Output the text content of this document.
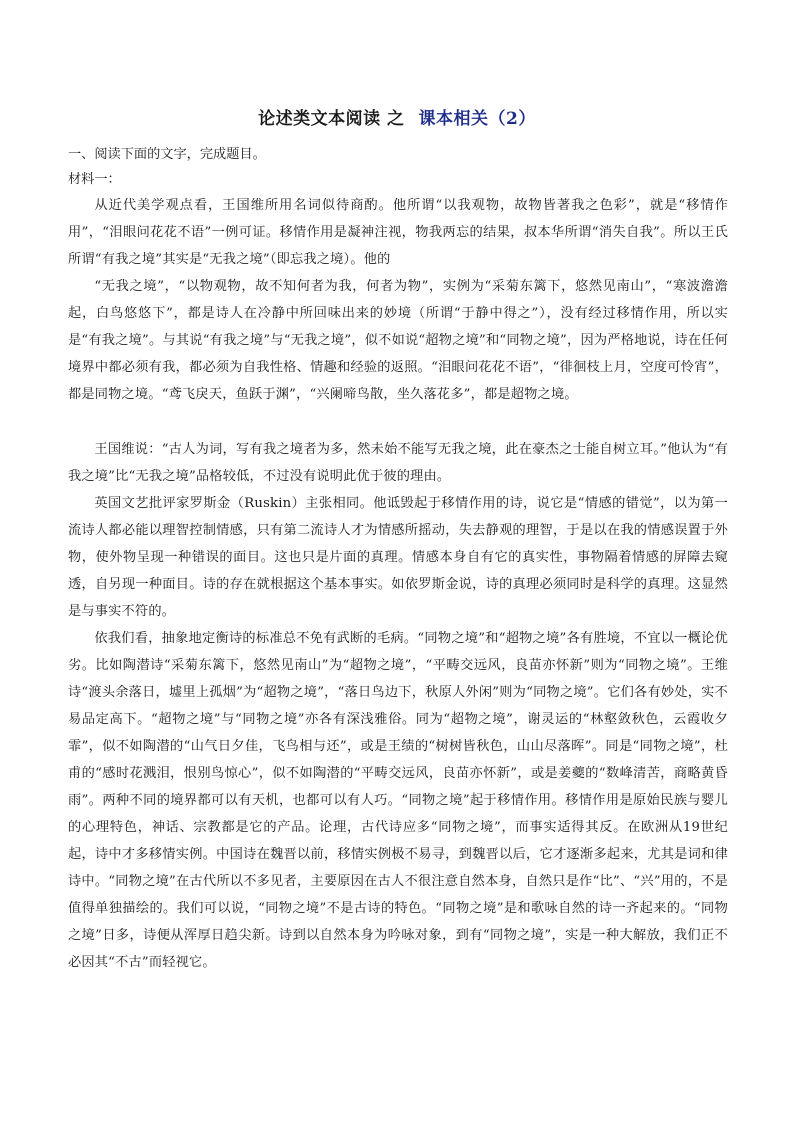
论述类文本阅读 之 课本相关（2）
一、阅读下面的文字，完成题目。
材料一：

从近代美学观点看，王国维所用名词似待商酌。他所谓“以我观物，故物皆著我之色彩”，就是“移情作用”，“泪眼问花花不语”一例可证。移情作用是凝神注视，物我两忘的结果，叔本华所谓“消失自我”。所以王氏所谓“有我之境”其实是“无我之境”（即忘我之境）。他的

“无我之境”，“以物观物，故不知何者为我，何者为物”，实例为“采菊东篱下，悠然见南山”，“寒波澹澹起，白鸟悠悠下”，都是诗人在冷静中所回味出来的妙境（所谓“于静中得之”），没有经过移情作用，所以实是“有我之境”。与其说“有我之境”与“无我之境”，似不如说“超物之境”和“同物之境”，因为严格地说，诗在任何境界中都必须有我，都必须为自我性格、情趣和经验的返照。“泪眼问花花不语”，“徘徊枝上月，空度可怜宵”，都是同物之境。“鸢飞戾天，鱼跃于渊”，“兴阑啼鸟散，坐久落花多”，都是超物之境。

王国维说：“古人为词，写有我之境者为多，然未始不能写无我之境，此在豪杰之士能自树立耳。”他认为“有我之境”比“无我之境”品格较低，不过没有说明此优于彼的理由。

英国文艺批评家罗斯金（Ruskin）主张相同。他诋毁起于移情作用的诗，说它是“情感的错觉”，以为第一流诗人都必能以理智控制情感，只有第二流诗人才为情感所摇动，失去静观的理智，于是以在我的情感误置于外物，使外物呈现一种错误的面目。这也只是片面的真理。情感本身自有它的真实性，事物隔着情感的屏障去窥透，自另现一种面目。诗的存在就根据这个基本事实。如依罗斯金说，诗的真理必须同时是科学的真理。这显然是与事实不符的。

依我们看，抽象地定衡诗的标准总不免有武断的毛病。“同物之境”和“超物之境”各有胜境，不宜以一概论优劣。比如陶潜诗“采菊东篱下，悠然见南山”为“超物之境”，“平畴交远风，良苗亦怀新”则为“同物之境”。王维诗“渡头余落日，墟里上孤烟”为“超物之境”，“落日鸟边下，秋原人外闲”则为“同物之境”。它们各有妙处，实不易品定高下。“超物之境”与“同物之境”亦各有深浅雅俗。同为“超物之境”，谢灵运的“林壑敛秋色，云霞收夕霏”，似不如陶潜的“山气日夕佳，飞鸟相与还”，或是王绩的“树树皆秋色，山山尽落晖”。同是“同物之境”，杜甫的“感时花溅泪，恨别鸟惊心”，似不如陶潜的“平畴交远风，良苗亦怀新”，或是姜夔的“数峰清苦，商略黄昏雨”。两种不同的境界都可以有天机，也都可以有人巧。“同物之境”起于移情作用。移情作用是原始民族与婴儿的心理特色，神话、宗教都是它的产品。论理，古代诗应多“同物之境”，而事实适得其反。在欧洲从19世纪起，诗中才多移情实例。中国诗在魏晋以前，移情实例极不易寻，到魏晋以后，它才逐渐多起来，尤其是词和律诗中。“同物之境”在古代所以不多见者，主要原因在古人不很注意自然本身，自然只是作“比”、“兴”用的，不是值得单独描绘的。我们可以说，“同物之境”不是古诗的特色。“同物之境”是和歌咏自然的诗一齐起来的。“同物之境”日多，诗便从浑厚日趋尖新。诗到以自然本身为吟咏对象，到有“同物之境”，实是一种大解放，我们正不必因其“不古”而轻视它。
